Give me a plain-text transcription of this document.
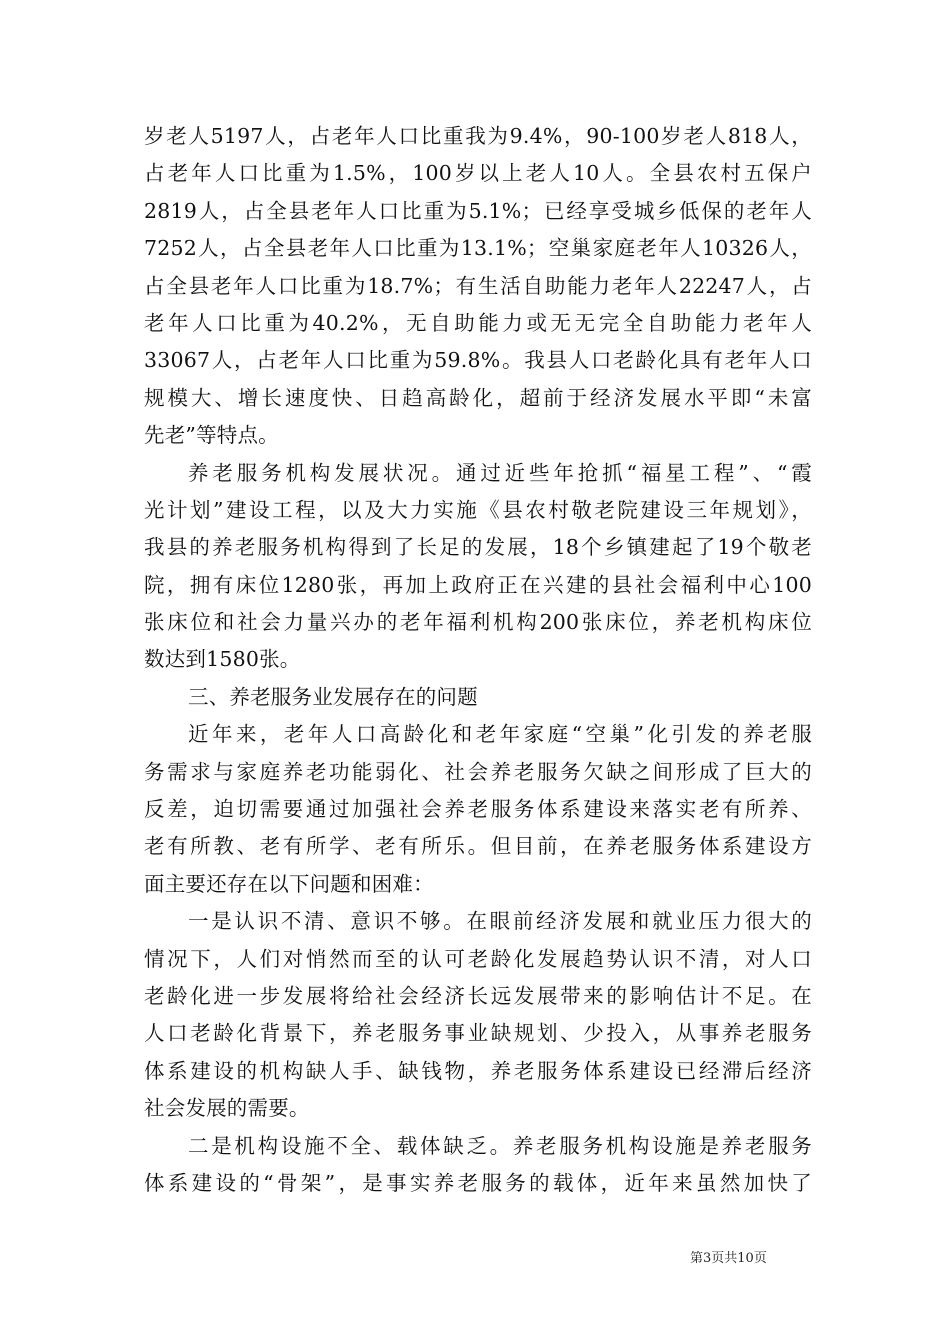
岁老人5197人，占老年人口比重我为9.4%，90-100岁老人818人，
占老年人口比重为1.5%，100岁以上老人10人。全县农村五保户
2819人，占全县老年人口比重为5.1%；已经享受城乡低保的老年人
7252人，占全县老年人口比重为13.1%；空巢家庭老年人10326人，
占全县老年人口比重为18.7%；有生活自助能力老年人22247人，占
老年人口比重为40.2%，无自助能力或无无完全自助能力老年人
33067人，占老年人口比重为59.8%。我县人口老龄化具有老年人口
规模大、增长速度快、日趋高龄化，超前于经济发展水平即“未富
先老”等特点。
养老服务机构发展状况。通过近些年抢抓“福星工程”、“霞
光计划”建设工程，以及大力实施《县农村敬老院建设三年规划》，
我县的养老服务机构得到了长足的发展，18个乡镇建起了19个敬老
院，拥有床位1280张，再加上政府正在兴建的县社会福利中心100
张床位和社会力量兴办的老年福利机构200张床位，养老机构床位
数达到1580张。
三、养老服务业发展存在的问题
近年来，老年人口高龄化和老年家庭“空巢”化引发的养老服
务需求与家庭养老功能弱化、社会养老服务欠缺之间形成了巨大的
反差，迫切需要通过加强社会养老服务体系建设来落实老有所养、
老有所教、老有所学、老有所乐。但目前，在养老服务体系建设方
面主要还存在以下问题和困难：
一是认识不清、意识不够。在眼前经济发展和就业压力很大的
情况下，人们对悄然而至的认可老龄化发展趋势认识不清，对人口
老龄化进一步发展将给社会经济长远发展带来的影响估计不足。在
人口老龄化背景下，养老服务事业缺规划、少投入，从事养老服务
体系建设的机构缺人手、缺钱物，养老服务体系建设已经滞后经济
社会发展的需要。
二是机构设施不全、载体缺乏。养老服务机构设施是养老服务
体系建设的“骨架”，是事实养老服务的载体，近年来虽然加快了
第3页共10页
